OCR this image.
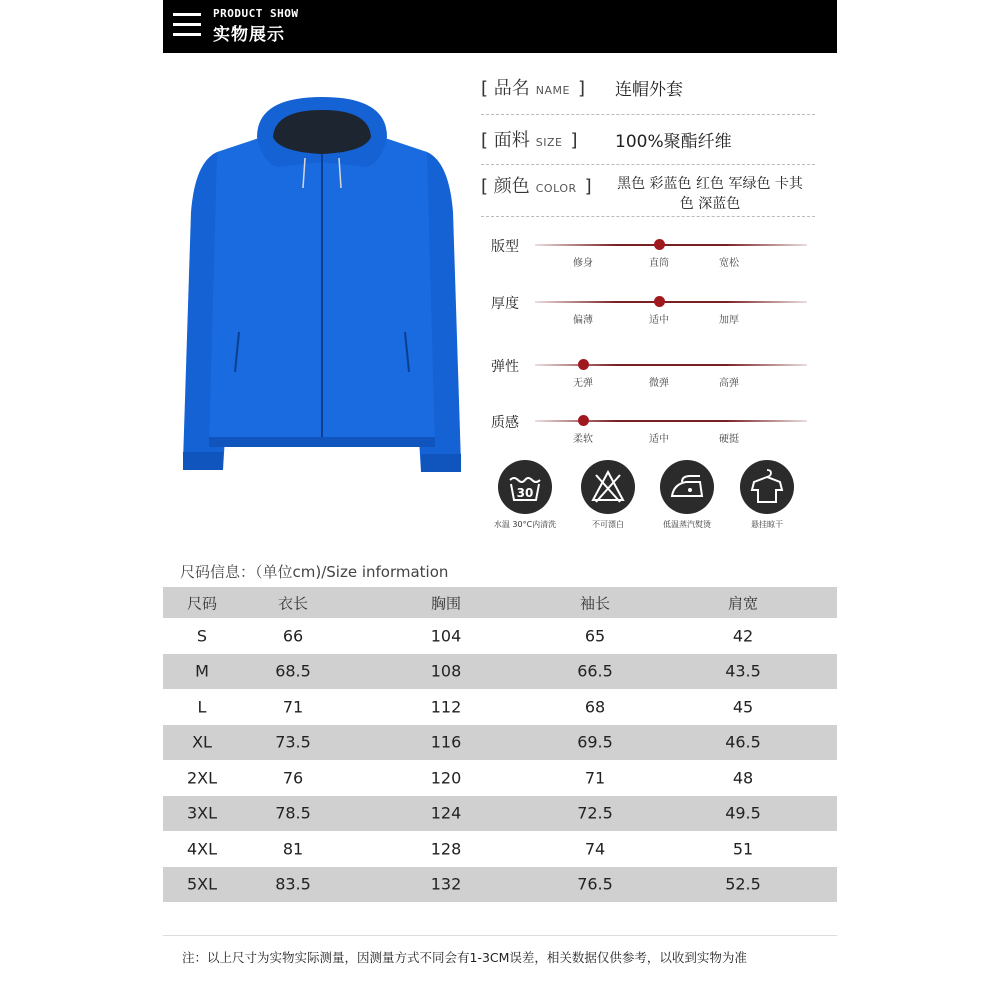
PRODUCT SHOW
实物展示
[ 品名 NAME ] 连帽外套
[ 面料 SIZE ] 100%聚酯纤维
[ 颜色 COLOR ] 黑色 彩蓝色 红色 军绿色 卡其色 深蓝色
版型
修身	直筒	宽松
厚度
偏薄	适中	加厚
弹性
无弹	微弹	高弹
质感
柔软	适中	硬挺
30
水温 30°C内清洗	不可漂白	低温蒸汽熨烫	悬挂晾干
尺码信息：（单位cm)/Size information
尺码	衣长	胸围	袖长	肩宽
S	66	104	65	42
M	68.5	108	66.5	43.5
L	71	112	68	45
XL	73.5	116	69.5	46.5
2XL	76	120	71	48
3XL	78.5	124	72.5	49.5
4XL	81	128	74	51
5XL	83.5	132	76.5	52.5
注：以上尺寸为实物实际测量，因测量方式不同会有1-3CM误差，相关数据仅供参考，以收到实物为准
